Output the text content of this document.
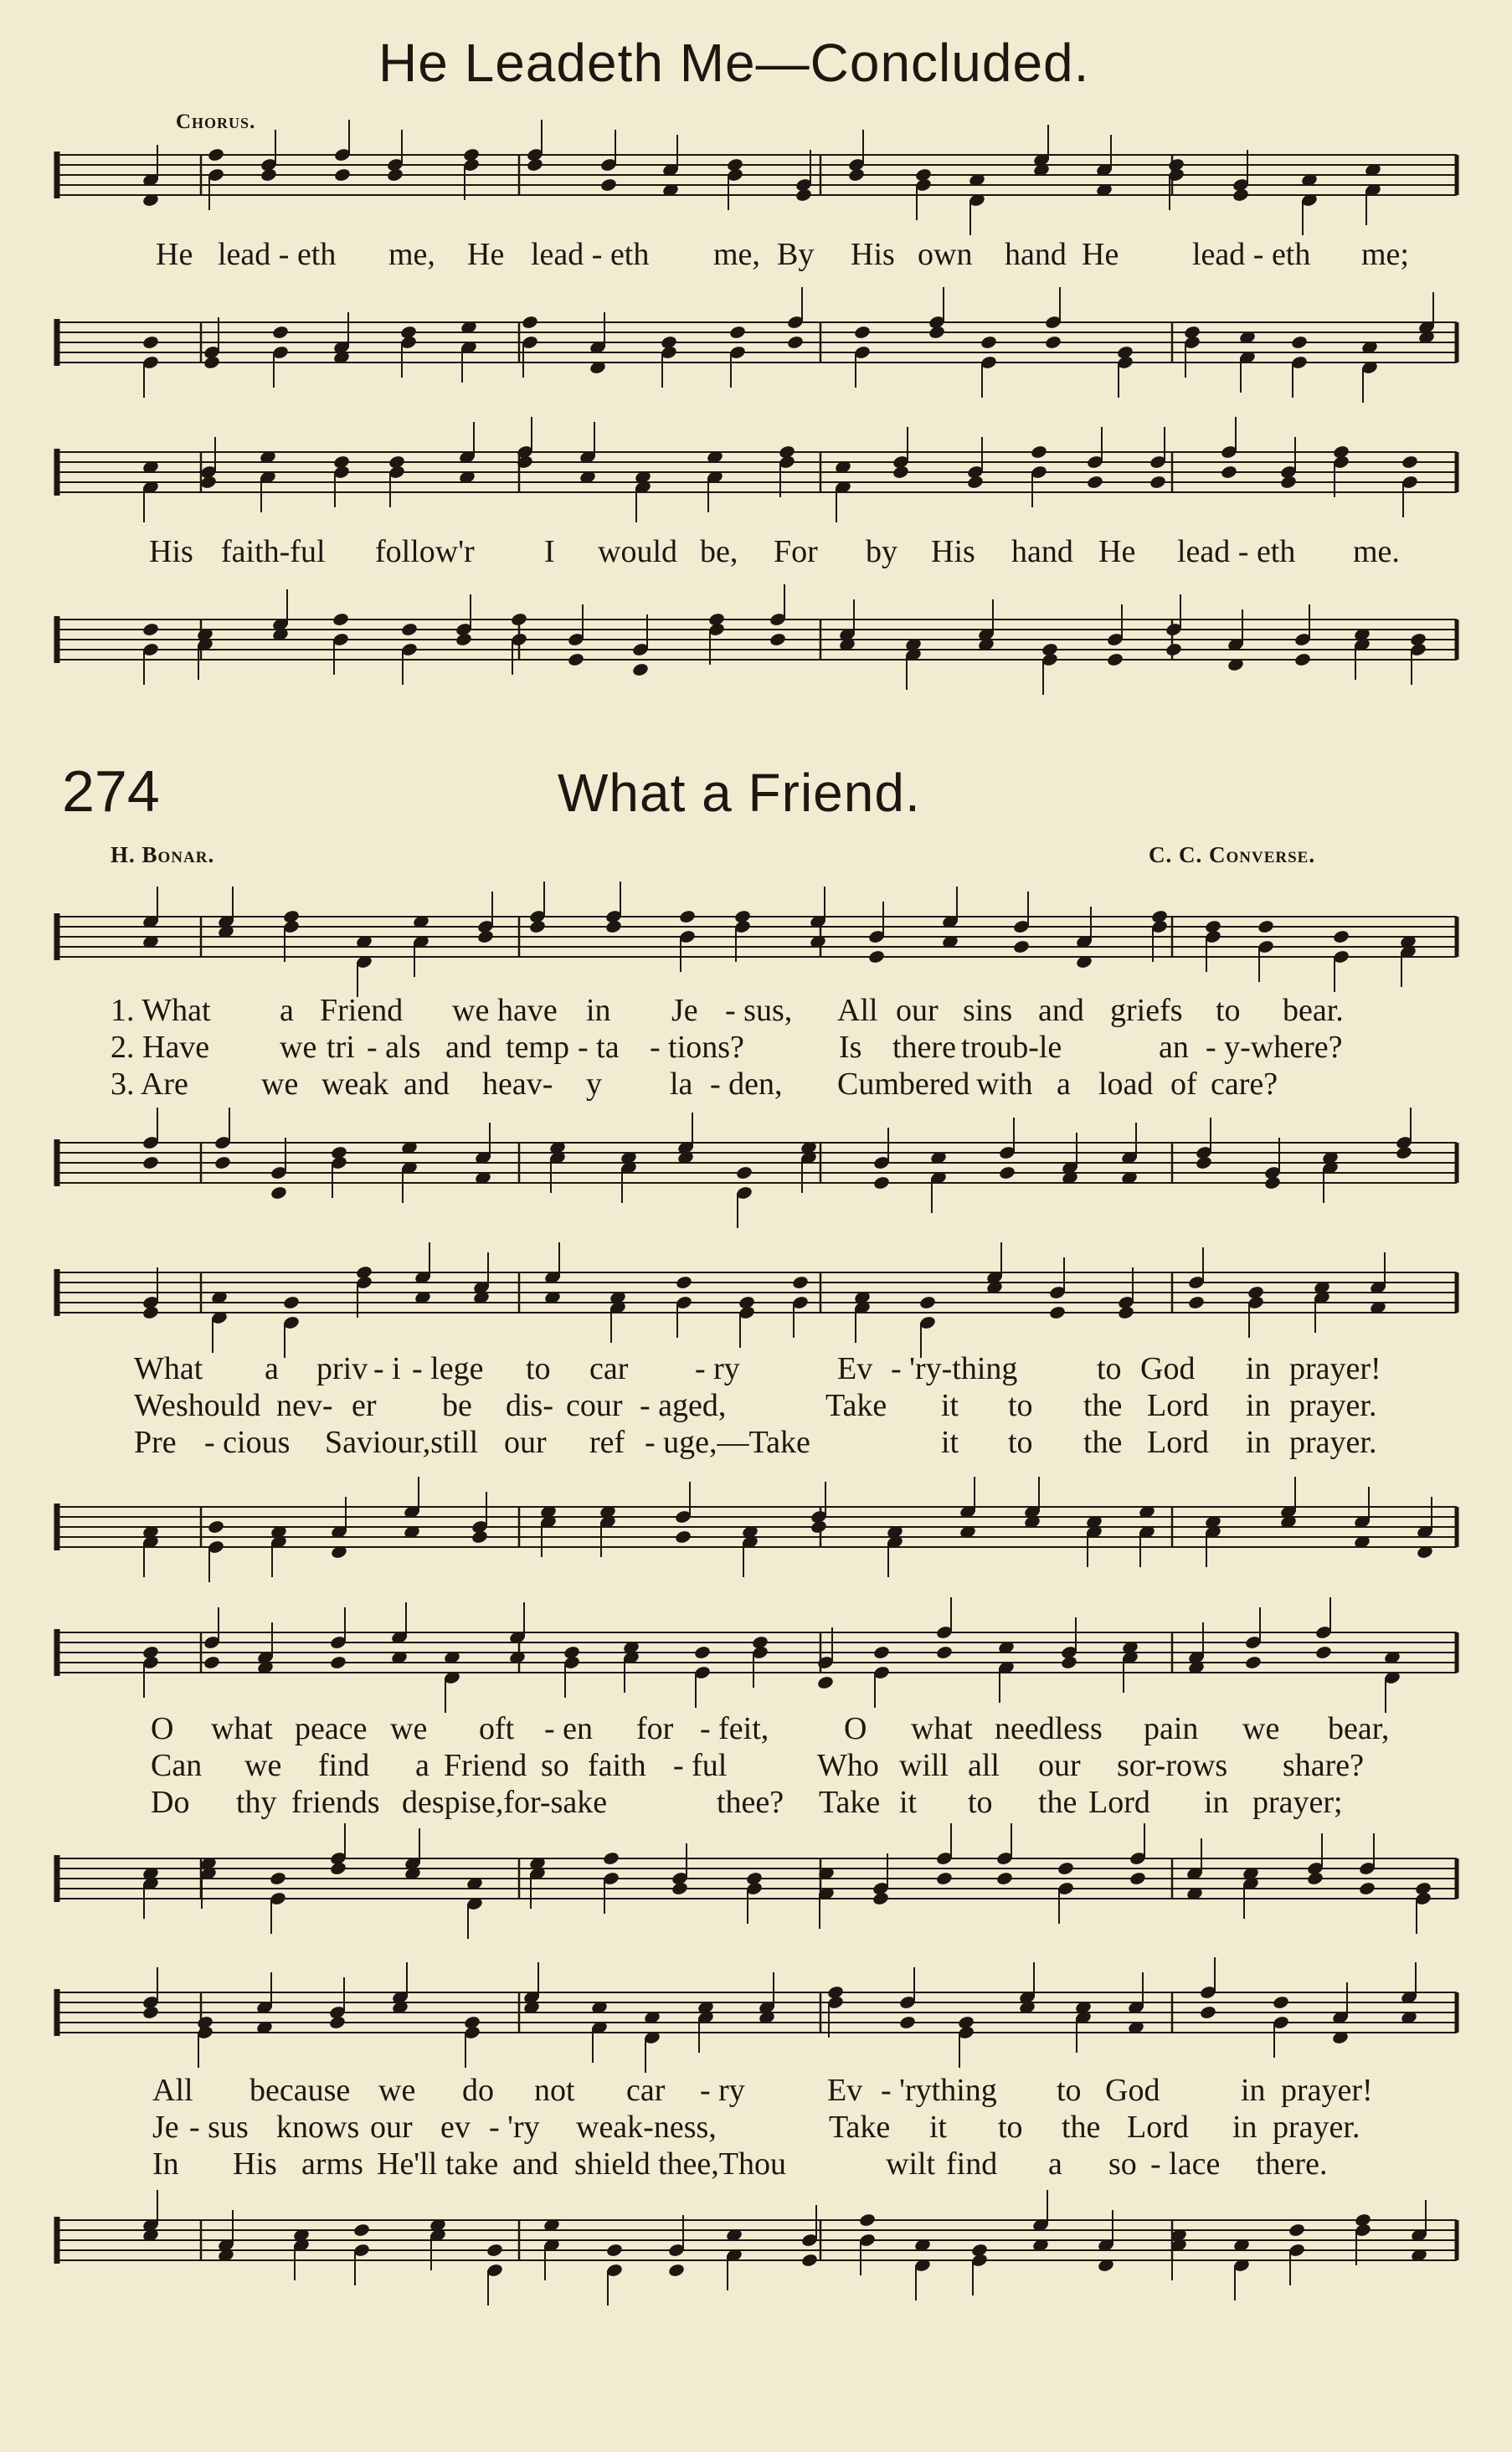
He Leadeth Me—Concluded.
Chorus.
He lead - eth me, He lead - eth me, By His own hand He lead - eth me;
His faith-ful follow'r I would be, For by His hand He lead - eth me.
274	What a Friend.
H. Bonar.	C. C. Converse.
1. What a Friend we have in Je - sus, All our sins and griefs to bear.
2. Have we tri - als and temp - ta - tions?	Is there troub-le	an - y-where?
3. Are we weak and heav- y la - den, Cumbered with a load of care?
What a priv - i - lege to car - ry	Ev - 'ry-thing to God in prayer!
We should nev- er be dis- cour - aged,	Take it to the Lord in prayer.
Pre - cious Saviour,still our ref - uge,—Take	it to the Lord in prayer.
O what peace we oft - en for - feit, O what needless pain we bear,
Can we find a Friend so faith - ful	Who will all our sor-rows share?
Do thy friends despise,for-sake	thee? Take it to the Lord in prayer;
All because we do not car - ry	Ev - 'rything to God	in prayer!
Je - sus knows our ev - 'ry weak-ness,	Take it to the Lord in prayer.
In His arms He'll take and shield thee,Thou	wilt find a so - lace there.
